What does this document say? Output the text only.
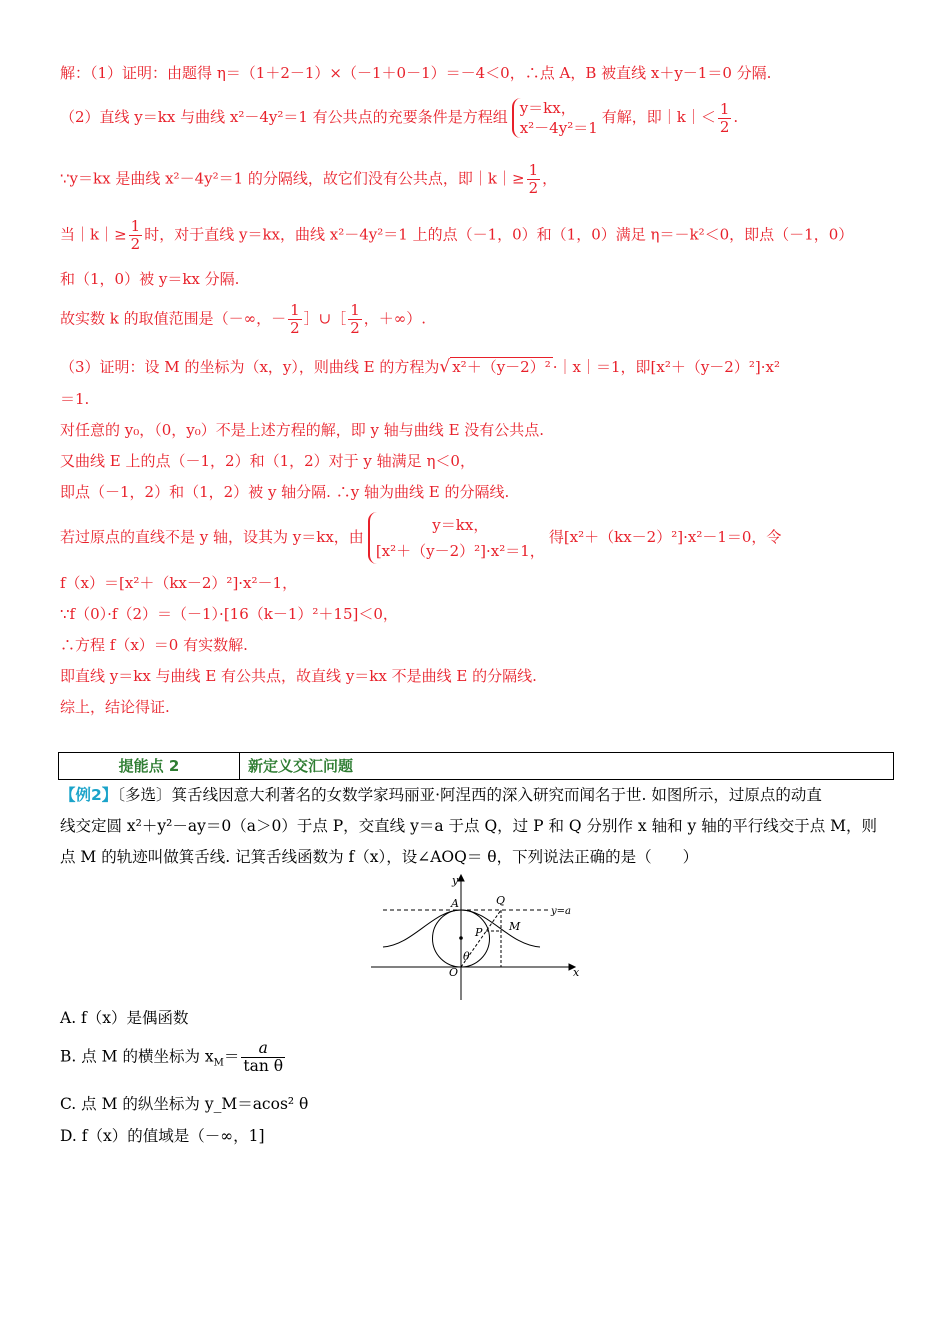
解：（1）证明：由题得 η＝（1＋2－1）×（－1＋0－1）＝－4＜0，∴点 A，B 被直线 x＋y－1＝0 分隔.
（2）直线 y＝kx 与曲线 x²－4y²＝1 有公共点的充要条件是方程组 y＝kx，
x²－4y²＝1
有解，即｜k｜＜ $\frac{1}{2}$ .
∵y＝kx 是曲线 x²－4y²＝1 的分隔线，故它们没有公共点，即｜k｜≥ $\frac{1}{2}$ ，
当｜k｜≥ $\frac{1}{2}$ 时，对于直线 y＝kx，曲线 x²－4y²＝1 上的点（－1，0）和（1，0）满足 η＝－k²＜0，即点（－1，0）
和（1，0）被 y＝kx 分隔.
故实数 k 的取值范围是（－∞，－ $\frac{1}{2}$ ］∪［ $\frac{1}{2}$ ，＋∞）.
（3）证明：设 M 的坐标为（x，y），则曲线 E 的方程为√ x²＋（y－2）² ·｜x｜＝1，即[x²＋（y－2）²]·x²
＝1.
对任意的 y₀，（0，y₀）不是上述方程的解，即 y 轴与曲线 E 没有公共点.
又曲线 E 上的点（－1，2）和（1，2）对于 y 轴满足 η＜0，
即点（－1，2）和（1，2）被 y 轴分隔. ∴y 轴为曲线 E 的分隔线.
若过原点的直线不是 y 轴，设其为 y＝kx，由
y＝kx，
[x²＋（y－2）²]·x²＝1，
得[x²＋（kx－2）²]·x²－1＝0，令
f（x）＝[x²＋（kx－2）²]·x²－1，
∵f（0）·f（2）＝（－1）·[16（k－1）²＋15]＜0，
∴方程 f（x）＝0 有实数解.
即直线 y＝kx 与曲线 E 有公共点，故直线 y＝kx 不是曲线 E 的分隔线.
综上，结论得证.
提能点 2	新定义交汇问题
【例2】〔多选〕箕舌线因意大利著名的女数学家玛丽亚·阿涅西的深入研究而闻名于世. 如图所示，过原点的动直
线交定圆 x²＋y²－ay＝0（a＞0）于点 P，交直线 y＝a 于点 Q，过 P 和 Q 分别作 x 轴和 y 轴的平行线交于点 M，则
点 M 的轨迹叫做箕舌线. 记箕舌线函数为 f（x），设∠AOQ＝ θ，下列说法正确的是（　　）
y
x
A	Q
P M
O
θ
y=a
A. f（x）是偶函数
B. 点 M 的横坐标为 $x_M= \frac{a}{\text{tan θ}}$
C. 点 M 的纵坐标为 y_M＝acos² θ
D. f（x）的值域是（－∞，1]
